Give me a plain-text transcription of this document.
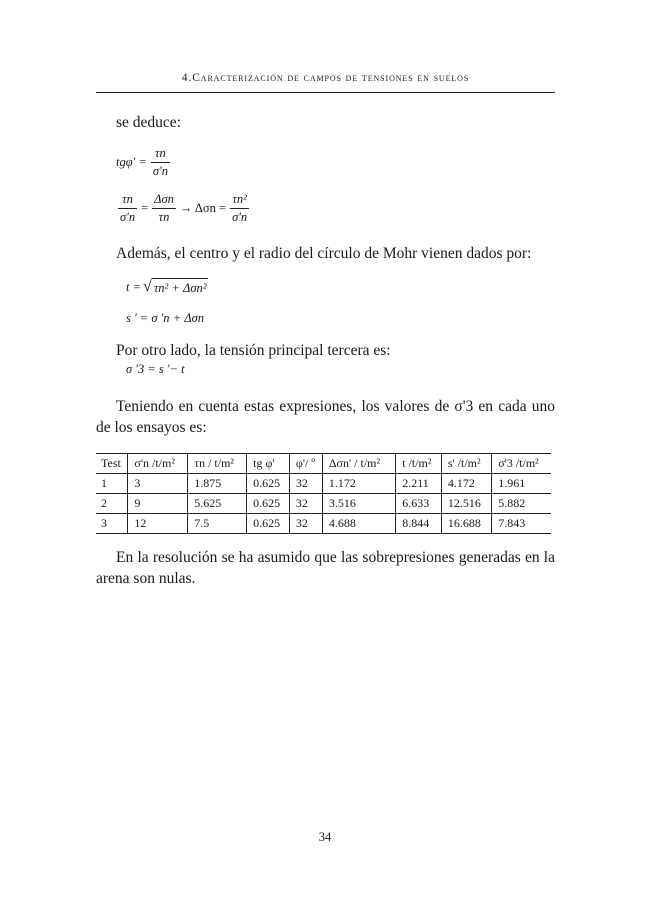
4.Caracterización de campos de tensiones en suelos
se deduce:
$tg\varphi' = \frac{\tau n}{\sigma'n}$
$\frac{\tau n}{\sigma'n} = \frac{\text{Δσn}}{\tau n} \to \Delta\sigma n = \frac{\text{τn²}}{\sigma'n}$
Además, el centro y el radio del círculo de Mohr vienen dados por:
t = √ τn² + Δσn²
s ' = σ 'n + Δσn
Por otro lado, la tensión principal tercera es:
σ '3 = s '− t
Teniendo en cuenta estas expresiones, los valores de σ'3 en cada uno de los ensayos es:
Test	σ'n /t/m²	τn / t/m²	tg φ'	φ'/ º	Δσn' / t/m²	t /t/m²	s' /t/m²	σ'3 /t/m²
1	3	1.875	0.625	32	1.172	2.211	4.172	1.961
2	9	5.625	0.625	32	3.516	6.633	12.516	5.882
3	12	7.5	0.625	32	4.688	8.844	16.688	7.843
En la resolución se ha asumido que las sobrepresiones generadas en la arena son nulas.
34
